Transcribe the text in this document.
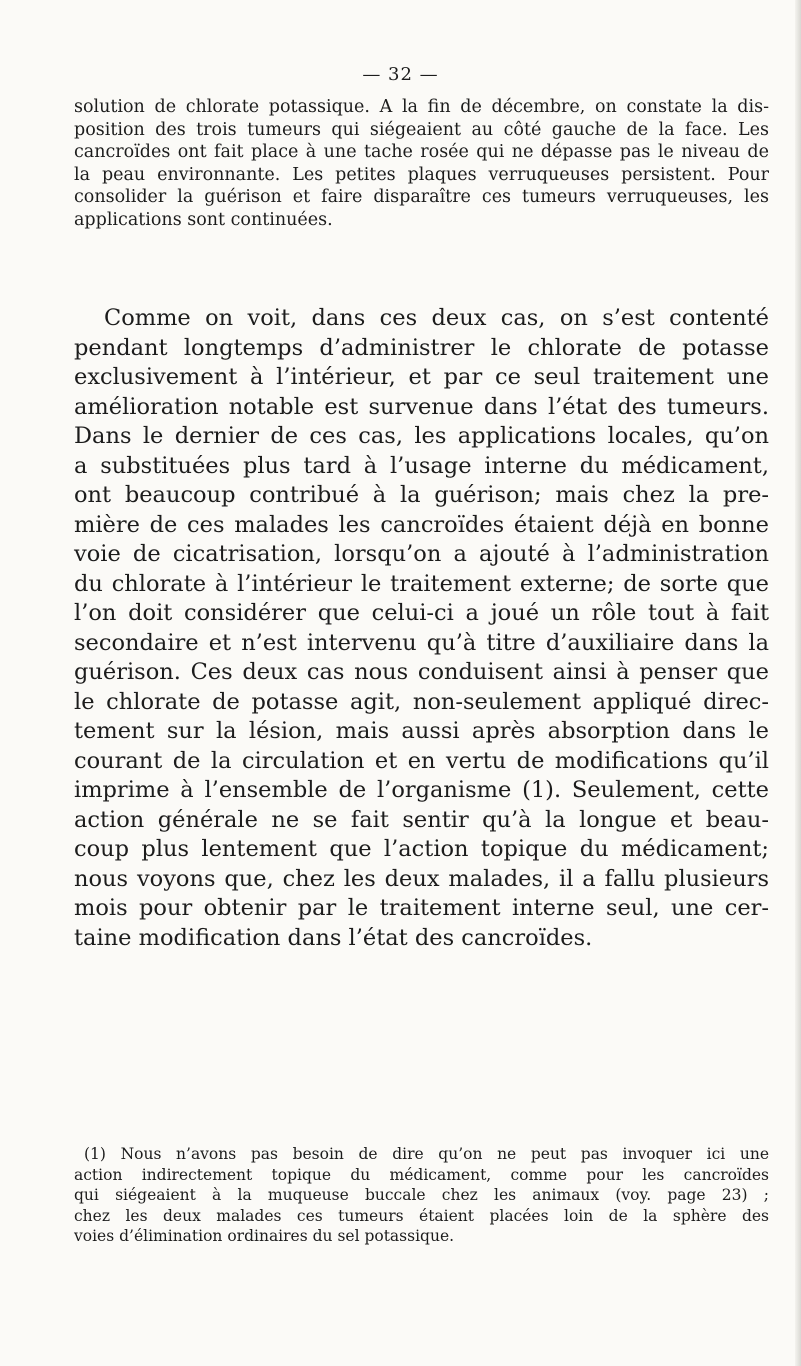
— 32 —

solution de chlorate potassique. A la fin de décembre, on constate la dis-
position des trois tumeurs qui siégeaient au côté gauche de la face. Les
cancroïdes ont fait place à une tache rosée qui ne dépasse pas le niveau de
la peau environnante. Les petites plaques verruqueuses persistent. Pour
consolider la guérison et faire disparaître ces tumeurs verruqueuses, les
applications sont continuées.

Comme on voit, dans ces deux cas, on s’est contenté
pendant longtemps d’administrer le chlorate de potasse
exclusivement à l’intérieur, et par ce seul traitement une
amélioration notable est survenue dans l’état des tumeurs.
Dans le dernier de ces cas, les applications locales, qu’on
a substituées plus tard à l’usage interne du médicament,
ont beaucoup contribué à la guérison; mais chez la pre-
mière de ces malades les cancroïdes étaient déjà en bonne
voie de cicatrisation, lorsqu’on a ajouté à l’administration
du chlorate à l’intérieur le traitement externe; de sorte que
l’on doit considérer que celui-ci a joué un rôle tout à fait
secondaire et n’est intervenu qu’à titre d’auxiliaire dans la
guérison. Ces deux cas nous conduisent ainsi à penser que
le chlorate de potasse agit, non-seulement appliqué direc-
tement sur la lésion, mais aussi après absorption dans le
courant de la circulation et en vertu de modifications qu’il
imprime à l’ensemble de l’organisme (1). Seulement, cette
action générale ne se fait sentir qu’à la longue et beau-
coup plus lentement que l’action topique du médicament;
nous voyons que, chez les deux malades, il a fallu plusieurs
mois pour obtenir par le traitement interne seul, une cer-
taine modification dans l’état des cancroïdes.

(1) Nous n’avons pas besoin de dire qu’on ne peut pas invoquer ici une
action indirectement topique du médicament, comme pour les cancroïdes
qui siégeaient à la muqueuse buccale chez les animaux (voy. page 23) ;
chez les deux malades ces tumeurs étaient placées loin de la sphère des
voies d’élimination ordinaires du sel potassique.
